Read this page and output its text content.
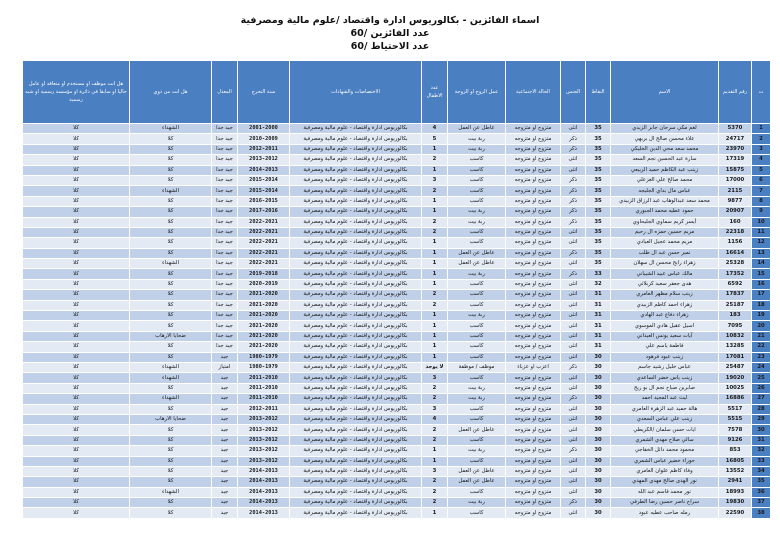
اسماء الفائزين - بكالوريوس ادارة واقتصاد /علوم مالية ومصرفية
عدد الفائزين /60
عدد الاحتياط /60
ت	رقم التقديم	الاسم	النقاط	الجنس	الحالة الاجتماعية	عمل الزوج او الزوجة	عدد الاطفال	الاختصاصات والشهادات	سنة التخرج	المعدل	هل انت من ذوي	هل انت موظف او مستخدم او متعاقد او عامل حاليا او سابقا في دائرة او مؤسسة رسمية او شبه رسمية
1	5370	لغم مكي سرحان جابر الزيدي	35	انثى	متزوج او متزوجه	عاطل عن العمل	4	بكالوريوس ادارة واقتصاد - علوم مالية ومصرفية	2001-2000	جيد جدا	الشهداء	كلا
2	24717	علاء محسن صالح ال بريهي	35	ذكر	متزوج او متزوجه	ربة بيت	5	بكالوريوس ادارة واقتصاد - علوم مالية ومصرفية	2010-2009	جيد جدا	كلا	كلا
3	23970	محمد سعد محي الدين الخليكي	35	ذكر	متزوج او متزوجه	ربة بيت	1	بكالوريوس ادارة واقتصاد - علوم مالية ومصرفية	2012-2011	جيد جدا	كلا	كلا
4	17319	سارة عبد الحسين نجم السعد	35	انثى	متزوج او متزوجه	كاسب	2	بكالوريوس ادارة واقتصاد - علوم مالية ومصرفية	2013-2012	جيد جدا	كلا	كلا
5	15875	زينب عبد الكاظم حميد الربيعي	35	انثى	متزوج او متزوجه	كاسب	1	بكالوريوس ادارة واقتصاد - علوم مالية ومصرفية	2014-2013	جيد جدا	كلا	كلا
6	17000	محمد صالح علي الغزعلي	35	ذكر	متزوج او متزوجه	كاسب	3	بكالوريوس ادارة واقتصاد - علوم مالية ومصرفية	2015-2014	جيد جدا	كلا	كلا
7	2115	عباس مال بداي الجليجه	35	ذكر	متزوج او متزوجه	كاسب	2	بكالوريوس ادارة واقتصاد - علوم مالية ومصرفية	2015-2014	جيد جدا	الشهداء	كلا
8	9877	محمد سعد عبدالوهاب عبد الرزاق الزبيدي	35	ذكر	متزوج او متزوجه	كاسب	1	بكالوريوس ادارة واقتصاد - علوم مالية ومصرفية	2016-2015	جيد جدا	كلا	كلا
9	20907	حمود عطيه محمد الجبوري	35	ذكر	متزوج او متزوجه	ربة بيت	1	بكالوريوس ادارة واقتصاد - علوم مالية ومصرفية	2017-2016	جيد جدا	كلا	كلا
10	160	أيسر كريم سماوي الجليحاوي	35	ذكر	متزوج او متزوجه	ربة بيت	2	بكالوريوس ادارة واقتصاد - علوم مالية ومصرفية	2022-2021	جيد جدا	كلا	كلا
11	22318	مريم حسين حمزه ال رحيم	35	انثى	متزوج او متزوجه	كاسب	2	بكالوريوس ادارة واقتصاد - علوم مالية ومصرفية	2022-2021	جيد جدا	كلا	كلا
12	1156	مريم محمد عجيل العيادي	35	انثى	متزوج او متزوجه	كاسب	1	بكالوريوس ادارة واقتصاد - علوم مالية ومصرفية	2022-2021	جيد جدا	كلا	كلا
13	16614	نمير حسن عبد ال طلب	35	ذكر	متزوج او متزوجه	عاطل عن العمل	1	بكالوريوس ادارة واقتصاد - علوم مالية ومصرفية	2022-2021	جيد جدا	كلا	كلا
14	25328	زهراء رابح محسن ال سهلان	35	انثى	متزوج او متزوجه	عاطل عن العمل	1	بكالوريوس ادارة واقتصاد - علوم مالية ومصرفية	2022-2021	جيد جدا	الشهداء	كلا
15	17352	مالك عباس عبيد الشيباني	33	ذكر	متزوج او متزوجه	ربة بيت	1	بكالوريوس ادارة واقتصاد - علوم مالية ومصرفية	2019-2018	جيد جدا	كلا	كلا
16	6592	هدى جعفر سعيد كربلائي	32	انثى	متزوج او متزوجه	كاسب	1	بكالوريوس ادارة واقتصاد - علوم مالية ومصرفية	2020-2019	جيد جدا	كلا	كلا
17	17837	زينب سلام مظهر العامري	31	انثى	متزوج او متزوجه	كاسب	2	بكالوريوس ادارة واقتصاد - علوم مالية ومصرفية	2021-2020	جيد جدا	كلا	كلا
18	25187	زهراء احمد كاظم الزبيدي	31	انثى	متزوج او متزوجه	كاسب	2	بكالوريوس ادارة واقتصاد - علوم مالية ومصرفية	2021-2020	جيد جدا	كلا	كلا
19	183	زهراء دفاع عبد الهادي	31	انثى	متزوج او متزوجه	ربة بيت	1	بكالوريوس ادارة واقتصاد - علوم مالية ومصرفية	2021-2020	جيد جدا	كلا	كلا
20	7095	اسيل عقيل هادي الموسوي	31	انثى	متزوج او متزوجه	كاسب	1	بكالوريوس ادارة واقتصاد - علوم مالية ومصرفية	2021-2020	جيد جدا	كلا	كلا
21	10832	آيات سعيد يونس العيداني	31	انثى	متزوج او متزوجه	كاسب	1	بكالوريوس ادارة واقتصاد - علوم مالية ومصرفية	2021-2020	جيد جدا	ضحايا الارهاب	كلا
22	13285	فاطمة ياسم علي	31	انثى	متزوج او متزوجه	كاسب	1	بكالوريوس ادارة واقتصاد - علوم مالية ومصرفية	2021-2020	جيد جدا	كلا	كلا
23	17081	زينب عبود فرهود	30	انثى	متزوج او متزوجه	كاسب	1	بكالوريوس ادارة واقتصاد - علوم مالية ومصرفية	1980-1979	جيد	كلا	كلا
24	25487	عباس خليل رشيد جاسم	30	ذكر	اعزب او عزباء	موظف / موظفة	لا يوجد	بكالوريوس ادارة واقتصاد - علوم مالية ومصرفية	1980-1979	امتياز	الشهداء	كلا
25	19020	زينب ياس خضر الساعدي	30	انثى	متزوج او متزوجه	كاسب	3	بكالوريوس ادارة واقتصاد - علوم مالية ومصرفية	2011-2010	جيد	الشهداء	كلا
26	10025	صابرين صباح نجم ال بو ريح	30	انثى	متزوج او متزوجه	ربة بيت	2	بكالوريوس ادارة واقتصاد - علوم مالية ومصرفية	2011-2010	جيد	كلا	كلا
27	16886	ليث عبد المجيد احمد	30	ذكر	متزوج او متزوجه	ربة بيت	2	بكالوريوس ادارة واقتصاد - علوم مالية ومصرفية	2011-2010	جيد	الشهداء	كلا
28	5517	هالة حميد عبد الزهرة العامري	30	انثى	متزوج او متزوجه	كاسب	3	بكالوريوس ادارة واقتصاد - علوم مالية ومصرفية	2012-2011	جيد	كلا	كلا
29	5515	زينب علي عباس السعدي	30	انثى	متزوج او متزوجه	كاسب	4	بكالوريوس ادارة واقتصاد - علوم مالية ومصرفية	2013-2012	جيد	ضحايا الارهاب	كلا
30	7578	ايات حسن سلمان /الكريطي	30	انثى	متزوج او متزوجه	عاطل عن العمل	2	بكالوريوس ادارة واقتصاد - علوم مالية ومصرفية	2013-2012	جيد	كلا	كلا
31	9126	سالي صلاح مهدي الشمري	30	انثى	متزوج او متزوجه	كاسب	2	بكالوريوس ادارة واقتصاد - علوم مالية ومصرفية	2013-2012	جيد	كلا	كلا
32	853	محمود محمد دائل الخفاجي	30	ذكر	متزوج او متزوجه	ربة بيت	1	بكالوريوس ادارة واقتصاد - علوم مالية ومصرفية	2013-2012	جيد	كلا	كلا
33	16805	حوراء خضير عباس الشمري	30	انثى	متزوج او متزوجه	كاسب	1	بكالوريوس ادارة واقتصاد - علوم مالية ومصرفية	2013-2012	جيد	كلا	كلا
34	13552	وفاء كاظم علوان العامري	30	انثى	متزوج او متزوجه	عاطل عن العمل	3	بكالوريوس ادارة واقتصاد - علوم مالية ومصرفية	2014-2013	جيد	كلا	كلا
35	2941	نور الهدى صالح مهدي المهدي	30	انثى	متزوج او متزوجه	عاطل عن العمل	2	بكالوريوس ادارة واقتصاد - علوم مالية ومصرفية	2014-2013	جيد	كلا	كلا
36	18993	نور محمد قاسم عبد الله	30	انثى	متزوج او متزوجه	كاسب	2	بكالوريوس ادارة واقتصاد - علوم مالية ومصرفية	2014-2013	جيد	الشهداء	كلا
37	19830	سراج ناصر حسين رضا الطرفي	30	ذكر	متزوج او متزوجه	ربة بيت	2	بكالوريوس ادارة واقتصاد - علوم مالية ومصرفية	2014-2013	جيد	كلا	كلا
38	22590	رمله صاحب عطيه عبود	30	انثى	متزوج او متزوجه	كاسب	1	بكالوريوس ادارة واقتصاد - علوم مالية ومصرفية	2014-2013	جيد	كلا	كلا
